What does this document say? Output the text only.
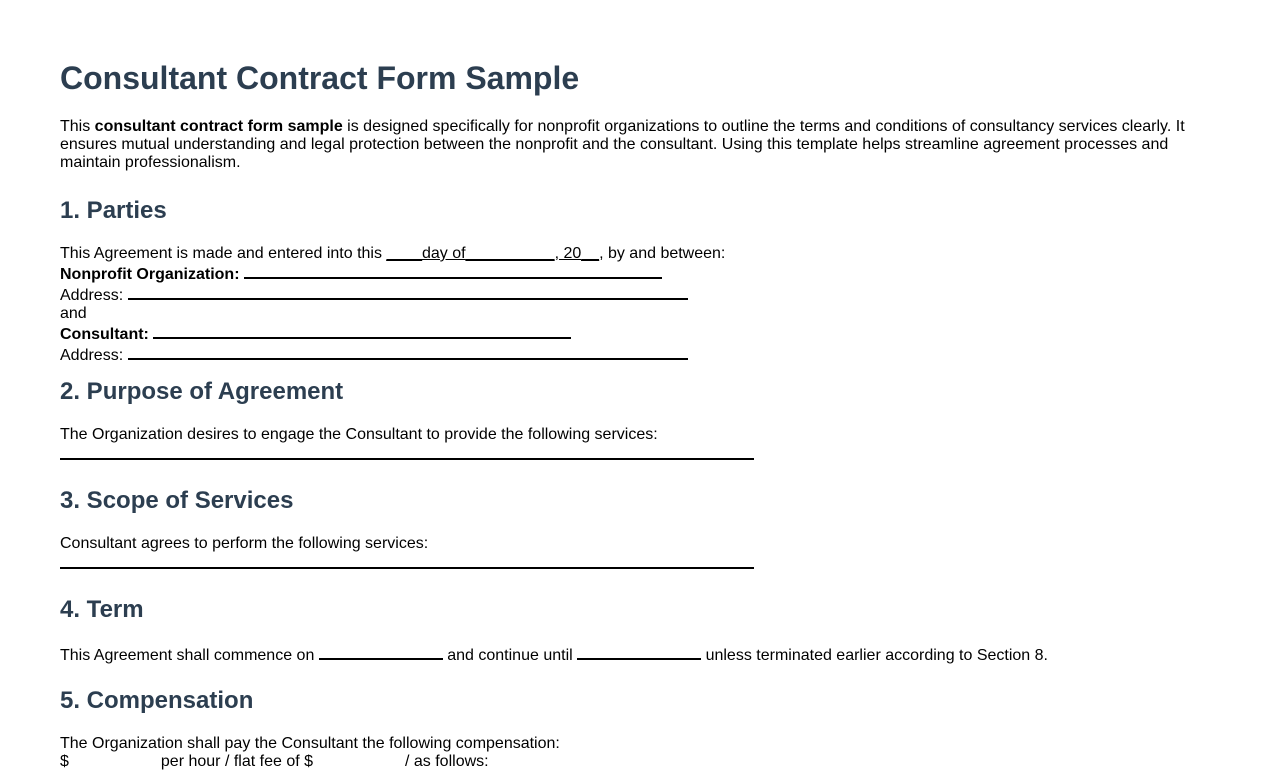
Consultant Contract Form Sample

This consultant contract form sample is designed specifically for nonprofit organizations to outline the terms and conditions of consultancy services clearly. It ensures mutual understanding and legal protection between the nonprofit and the consultant. Using this template helps streamline agreement processes and maintain professionalism.

1. Parties
This Agreement is made and entered into this ____day of__________, 20__, by and between:
Nonprofit Organization:
Address:
and
Consultant:
Address:
2. Purpose of Agreement

The Organization desires to engage the Consultant to provide the following services:

3. Scope of Services

Consultant agrees to perform the following services:

4. Term

This Agreement shall commence on	and continue until	unless terminated earlier according to Section 8.

5. Compensation
The Organization shall pay the Consultant the following compensation:
$	per hour / flat fee of $	/ as follows:
